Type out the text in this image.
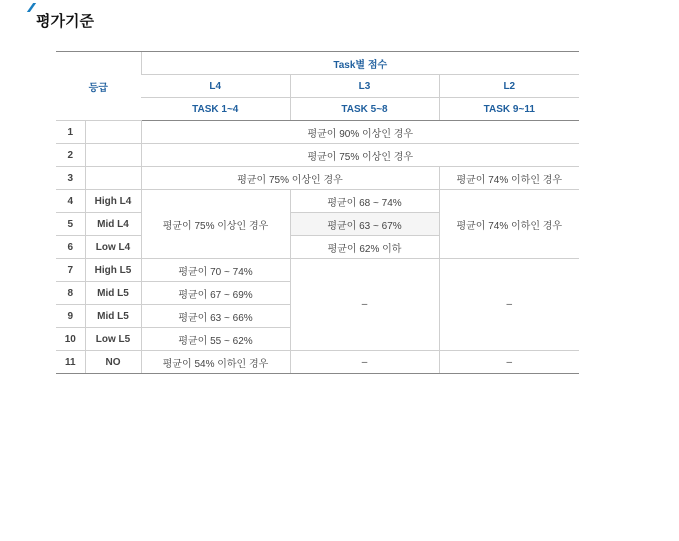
평가기준
등급		Task별 점수		
		L4	L3	L2
		TASK 1~4	TASK 5~8	TASK 9~11
1		평균이 90% 이상인 경우		
2		평균이 75% 이상인 경우		
3		평균이 75% 이상인 경우		평균이 74% 이하인 경우
4	High L4	평균이 75% 이상인 경우	평균이 68 ~ 74%	평균이 74% 이하인 경우
5	Mid L4		평균이 63 ~ 67%	
6	Low L4		평균이 62% 이하	
7	High L5	평균이 70 ~ 74%	–	–
8	Mid L5	평균이 67 ~ 69%		
9	Mid L5	평균이 63 ~ 66%		
10	Low L5	평균이 55 ~ 62%		
11	NO	평균이 54% 이하인 경우	–	–
